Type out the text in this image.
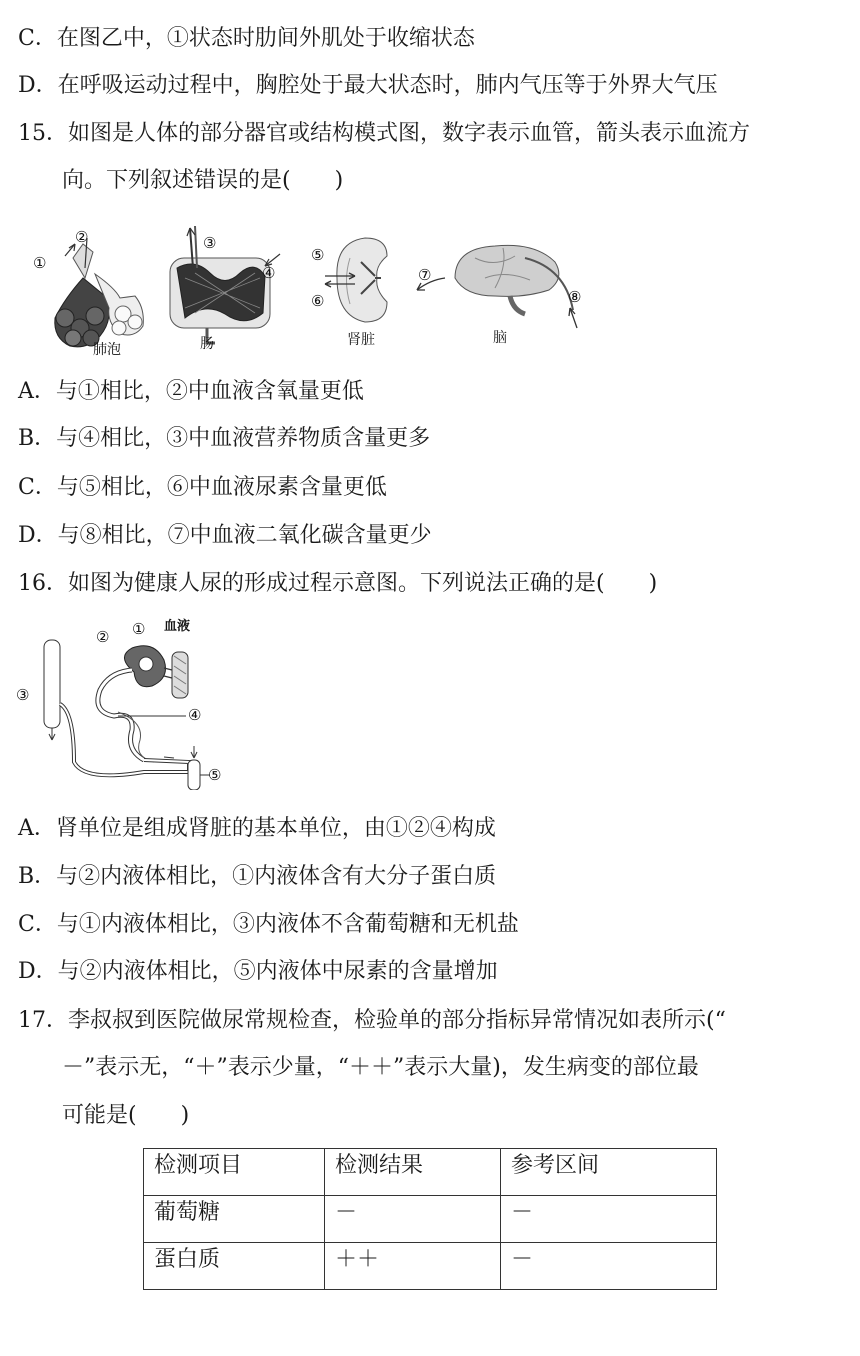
C．在图乙中，①状态时肋间外肌处于收缩状态
D．在呼吸运动过程中，胸腔处于最大状态时，肺内气压等于外界大气压
15．如图是人体的部分器官或结构模式图，数字表示血管，箭头表示血流方
向。下列叙述错误的是(　　)
①
②
肺泡
③
④
肠
⑤
⑥
肾脏
⑦
⑧
脑
A．与①相比，②中血液含氧量更低
B．与④相比，③中血液营养物质含量更多
C．与⑤相比，⑥中血液尿素含量更低
D．与⑧相比，⑦中血液二氧化碳含量更少
16．如图为健康人尿的形成过程示意图。下列说法正确的是(　　)
①
②
③
④
⑤
血液
A．肾单位是组成肾脏的基本单位，由①②④构成
B．与②内液体相比，①内液体含有大分子蛋白质
C．与①内液体相比，③内液体不含葡萄糖和无机盐
D．与②内液体相比，⑤内液体中尿素的含量增加
17．李叔叔到医院做尿常规检查，检验单的部分指标异常情况如表所示(“
－”表示无，“＋”表示少量，“＋＋”表示大量)，发生病变的部位最
可能是(　　)
检测项目	检测结果	参考区间
葡萄糖	－	－
蛋白质	＋＋	－
